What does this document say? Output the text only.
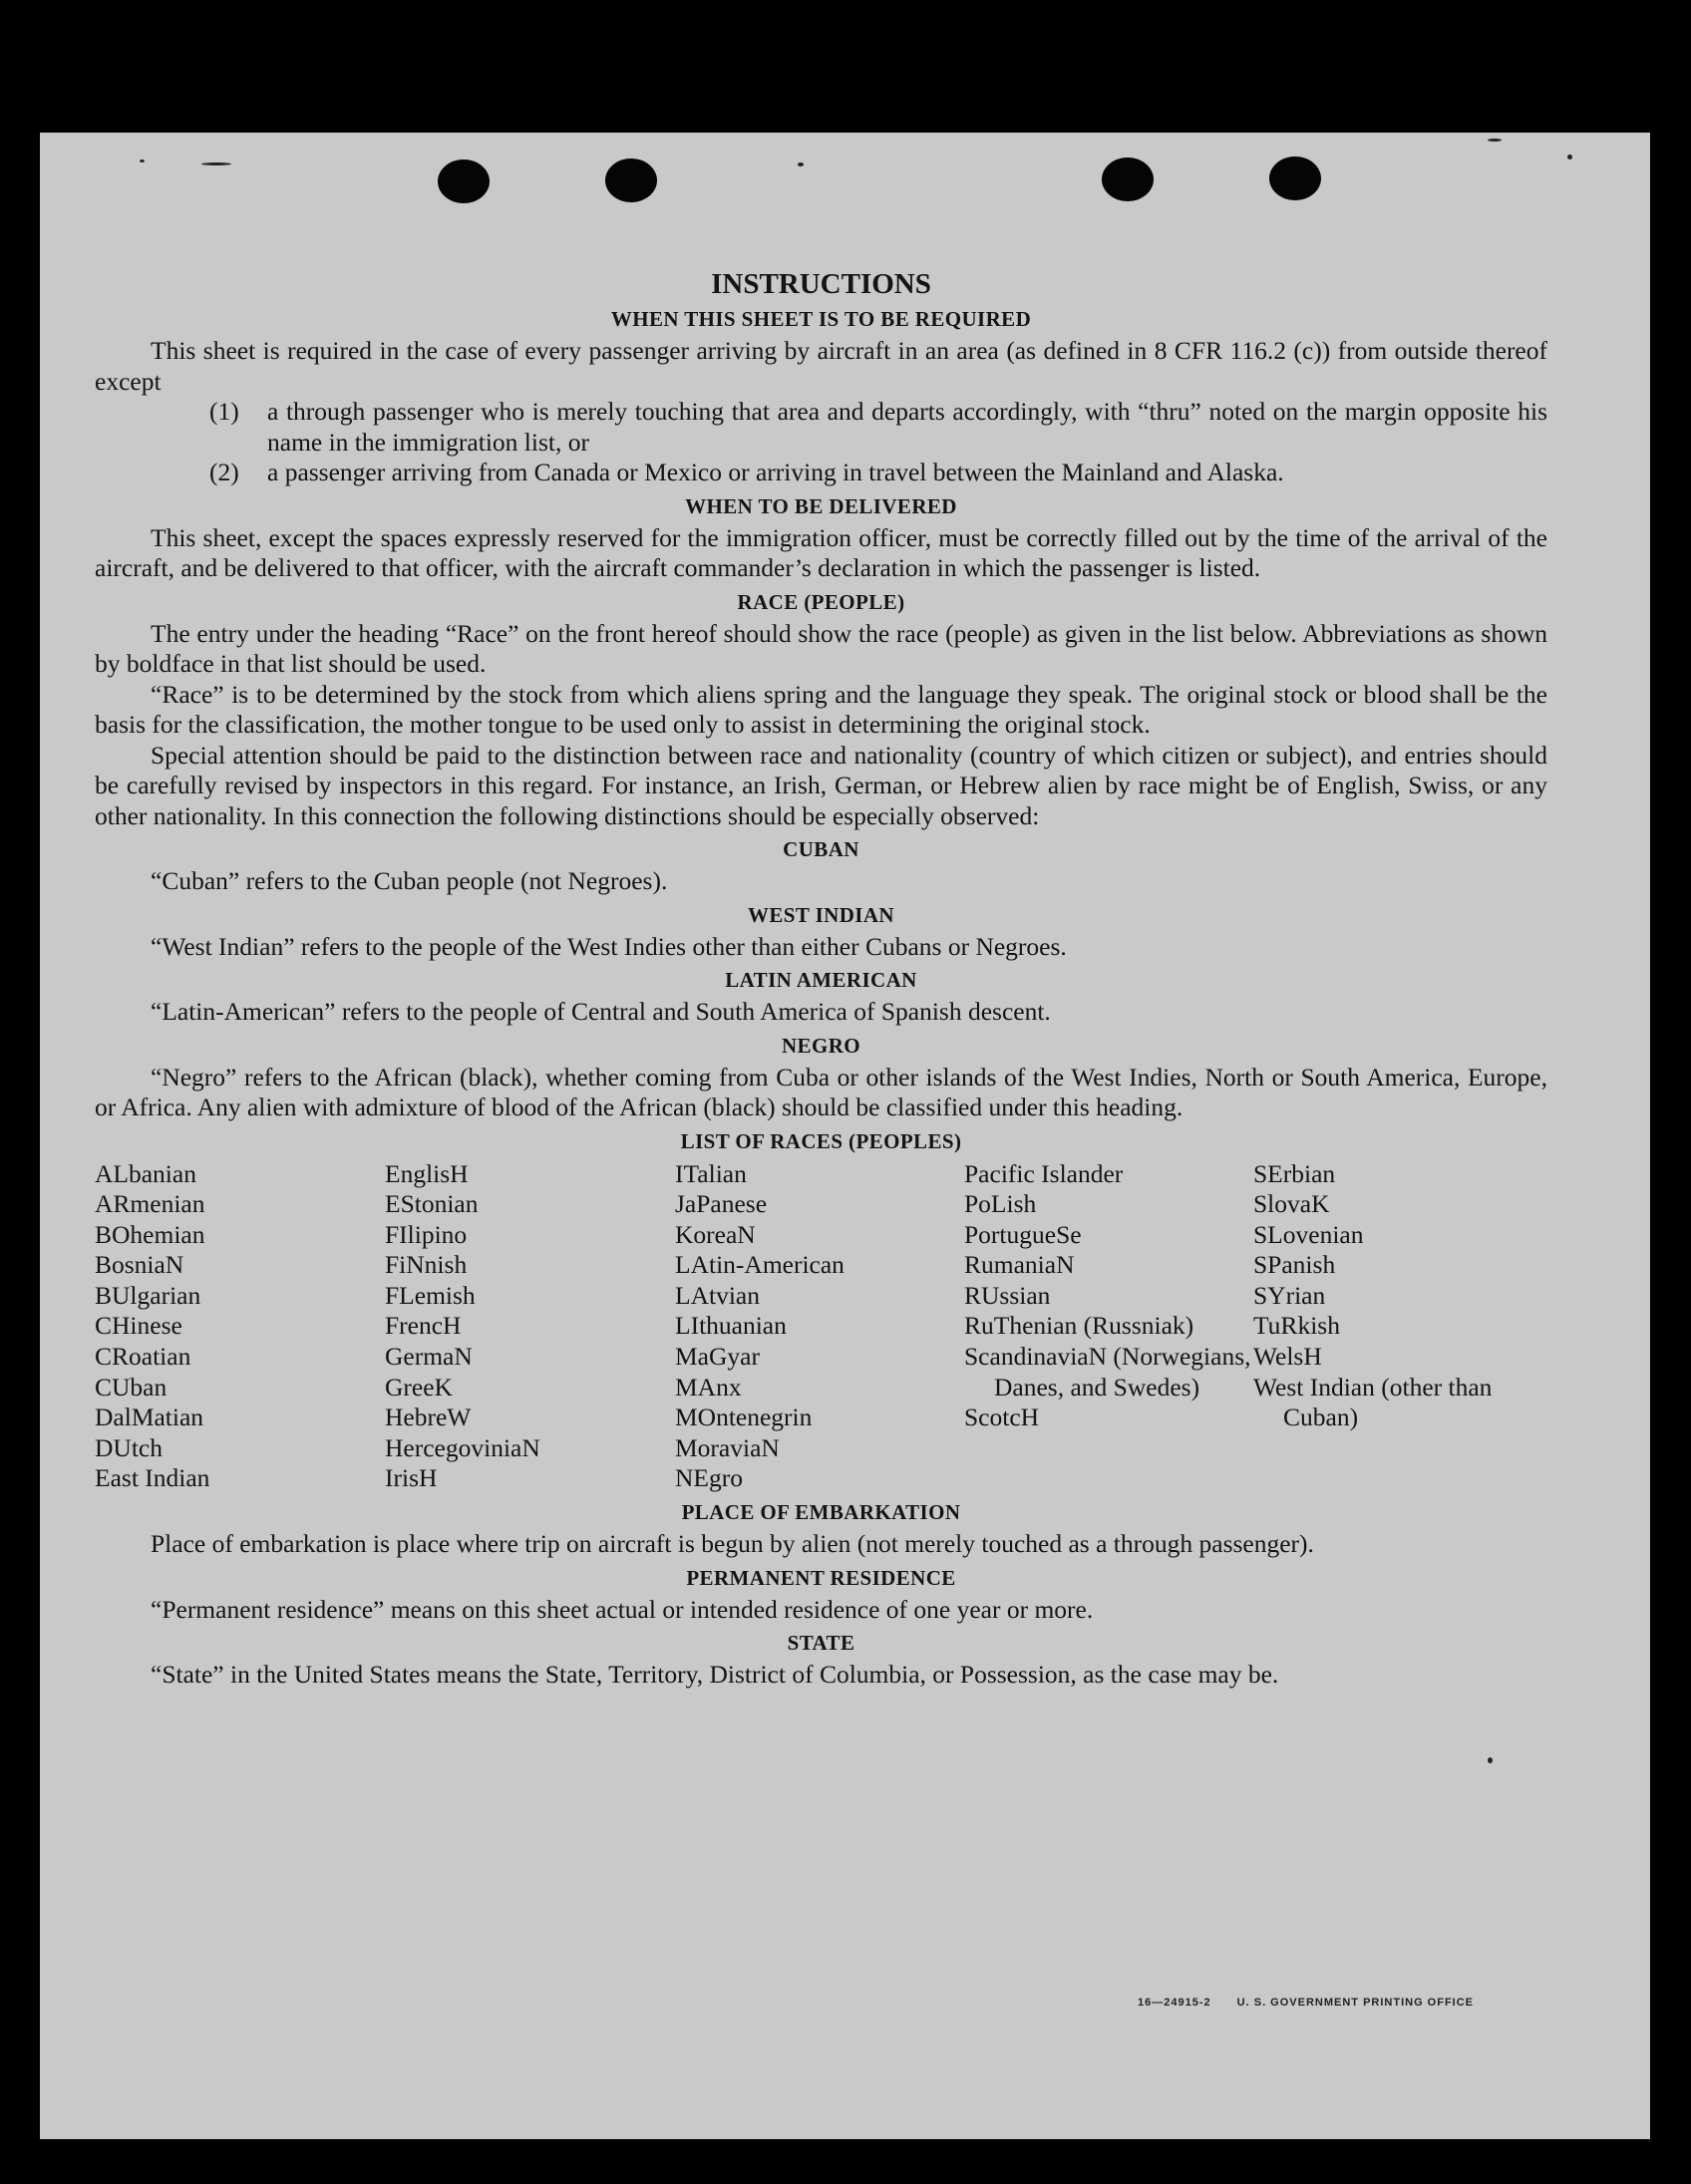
INSTRUCTIONS
WHEN THIS SHEET IS TO BE REQUIRED

This sheet is required in the case of every passenger arriving by aircraft in an area (as defined in 8 CFR 116.2 (c)) from outside thereof except

(1)	a through passenger who is merely touching that area and departs accordingly, with “thru” noted on the margin opposite his name in the immigration list, or
(2)	a passenger arriving from Canada or Mexico or arriving in travel between the Mainland and Alaska.
WHEN TO BE DELIVERED

This sheet, except the spaces expressly reserved for the immigration officer, must be correctly filled out by the time of the arrival of the aircraft, and be delivered to that officer, with the aircraft commander’s declaration in which the passenger is listed.

RACE (PEOPLE)

The entry under the heading “Race” on the front hereof should show the race (people) as given in the list below. Abbreviations as shown by boldface in that list should be used.

“Race” is to be determined by the stock from which aliens spring and the language they speak. The original stock or blood shall be the basis for the classification, the mother tongue to be used only to assist in determining the original stock.

Special attention should be paid to the distinction between race and nationality (country of which citizen or subject), and entries should be carefully revised by inspectors in this regard. For instance, an Irish, German, or Hebrew alien by race might be of English, Swiss, or any other nationality. In this connection the following distinctions should be especially observed:

CUBAN

“Cuban” refers to the Cuban people (not Negroes).

WEST INDIAN

“West Indian” refers to the people of the West Indies other than either Cubans or Negroes.

LATIN AMERICAN

“Latin-American” refers to the people of Central and South America of Spanish descent.

NEGRO

“Negro” refers to the African (black), whether coming from Cuba or other islands of the West Indies, North or South America, Europe, or Africa. Any alien with admixture of blood of the African (black) should be classified under this heading.

LIST OF RACES (PEOPLES)
ALbanian
ARmenian
BOhemian
BosniaN
BUlgarian
CHinese
CRoatian
CUban
DalMatian
DUtch
East Indian
EnglisH
EStonian
FIlipino
FiNnish
FLemish
FrencH
GermaN
GreeK
HebreW
HercegoviniaN
IrisH
ITalian
JaPanese
KoreaN
LAtin-American
LAtvian
LIthuanian
MaGyar
MAnx
MOntenegrin
MoraviaN
NEgro
Pacific Islander
PoLish
PortugueSe
RumaniaN
RUssian
RuThenian (Russniak)
ScandinaviaN (Norwegians, Danes, and Swedes)
ScotcH
SErbian
SlovaK
SLovenian
SPanish
SYrian
TuRkish
WelsH
West Indian (other than Cuban)
PLACE OF EMBARKATION

Place of embarkation is place where trip on aircraft is begun by alien (not merely touched as a through passenger).

PERMANENT RESIDENCE

“Permanent residence” means on this sheet actual or intended residence of one year or more.

STATE

“State” in the United States means the State, Territory, District of Columbia, or Possession, as the case may be.

16—24915-2 U. S. GOVERNMENT PRINTING OFFICE
